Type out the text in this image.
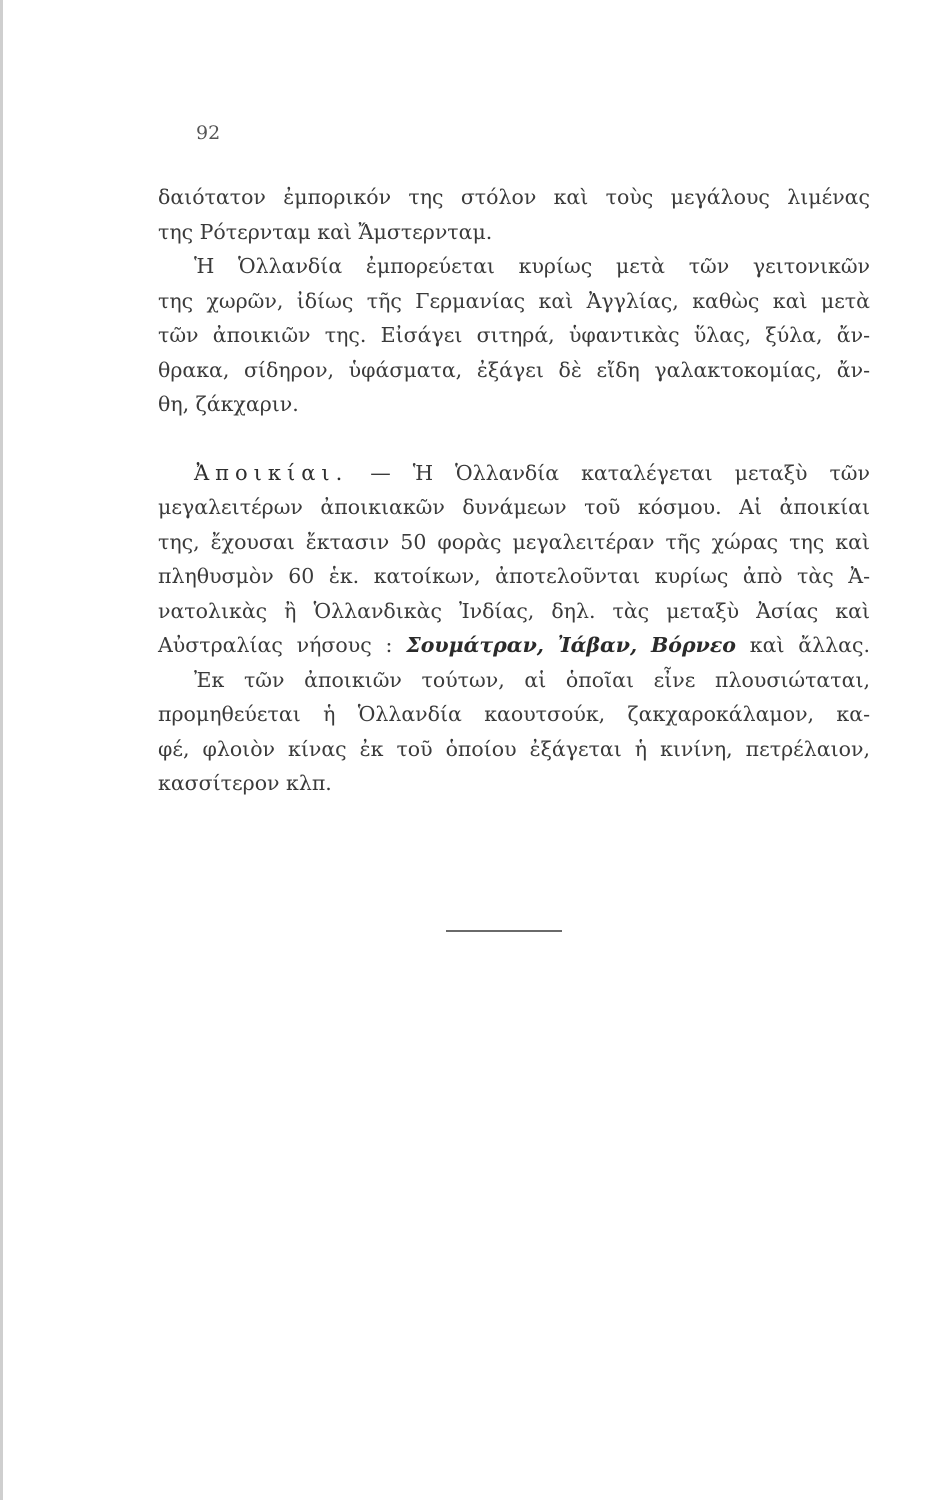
92
δαιότατον ἐμπορικόν της στόλον καὶ τοὺς μεγάλους λιμένας
της Ρότερνταμ καὶ Ἄμστερνταμ.
Ἡ Ὁλλανδία ἐμπορεύεται κυρίως μετὰ τῶν γειτονικῶν
της χωρῶν, ἰδίως τῆς Γερμανίας καὶ Ἀγγλίας, καθὼς καὶ μετὰ
τῶν ἀποικιῶν της. Εἰσάγει σιτηρά, ὑφαντικὰς ὕλας, ξύλα, ἄν-
θρακα, σίδηρον, ὑφάσματα, ἐξάγει δὲ εἴδη γαλακτοκομίας, ἄν-
θη, ζάκχαριν.
Ἀποικίαι. — Ἡ Ὁλλανδία καταλέγεται μεταξὺ τῶν
μεγαλειτέρων ἀποικιακῶν δυνάμεων τοῦ κόσμου. Αἱ ἀποικίαι
της, ἔχουσαι ἔκτασιν 50 φορὰς μεγαλειτέραν τῆς χώρας της καὶ
πληθυσμὸν 60 ἑκ. κατοίκων, ἀποτελοῦνται κυρίως ἀπὸ τὰς Ἀ-
νατολικὰς ἢ Ὁλλανδικὰς Ἰνδίας, δηλ. τὰς μεταξὺ Ἀσίας καὶ
Αὐστραλίας νήσους : Σουμάτραν, Ἰάβαν, Βόρνεο καὶ ἄλλας.
Ἐκ τῶν ἀποικιῶν τούτων, αἱ ὁποῖαι εἶνε πλουσιώταται,
προμηθεύεται ἡ Ὁλλανδία καουτσούκ, ζακχαροκάλαμον, κα-
φέ, φλοιὸν κίνας ἐκ τοῦ ὁποίου ἐξάγεται ἡ κινίνη, πετρέλαιον,
κασσίτερον κλπ.
